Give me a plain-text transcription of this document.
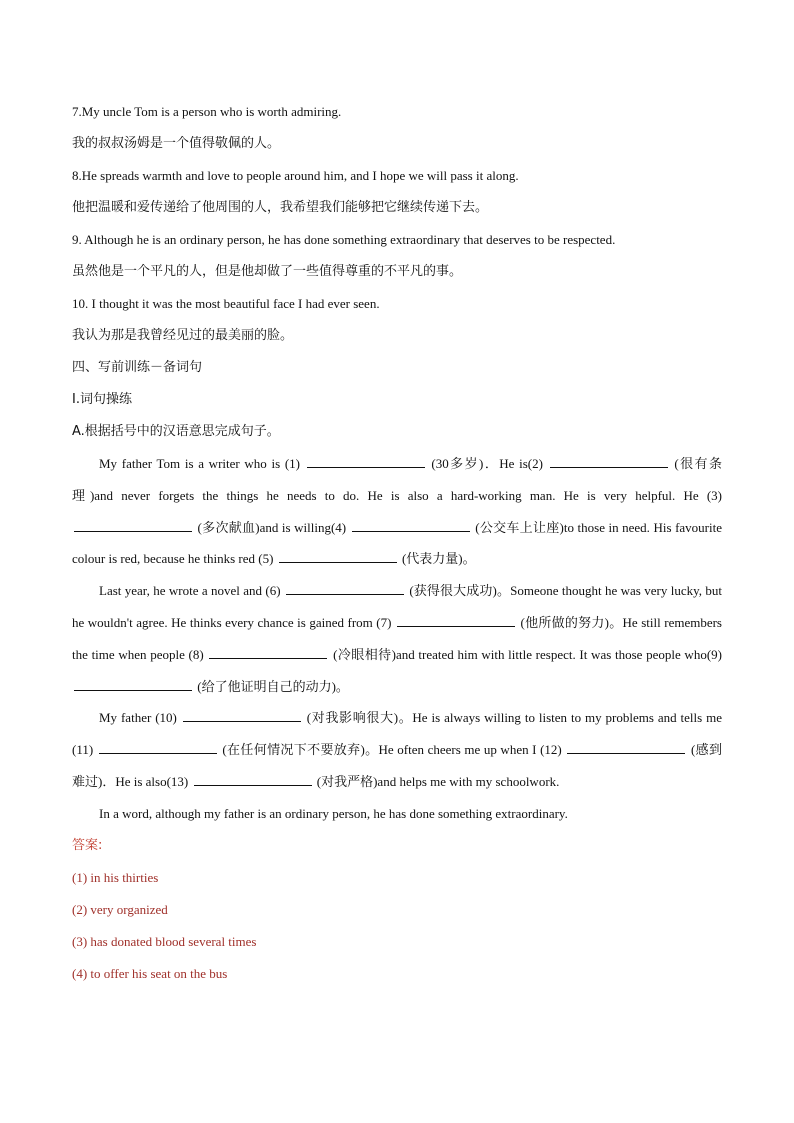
7.My uncle Tom is a person who is worth admiring.
我的叔叔汤姆是一个值得敬佩的人。
8.He spreads warmth and love to people around him, and I hope we will pass it along.
他把温暖和爱传递给了他周围的人，我希望我们能够把它继续传递下去。
9. Although he is an ordinary person, he has done something extraordinary that deserves to be respected.
虽然他是一个平凡的人，但是他却做了一些值得尊重的不平凡的事。
10. I thought it was the most beautiful face I had ever seen.
我认为那是我曾经见过的最美丽的脸。
四、写前训练－备词句
I.词句操练
A.根据括号中的汉语意思完成句子。
My father Tom is a writer who is (1)	(30多岁)．He is(2)	(很有条理)and never forgets the things he needs to do. He is also a hard-working man. He is very helpful. He (3)  (多次献血)and is willing(4)	(公交车上让座)to those in need. His favourite colour is red, because he thinks red (5)	(代表力量)。
Last year, he wrote a novel and (6)	(获得很大成功)。Someone thought he was very lucky, but he wouldn't agree. He thinks every chance is gained from (7)	(他所做的努力)。He still remembers the time when people (8)	(冷眼相待)and treated him with little respect. It was those people who(9)  (给了他证明自己的动力)。
My father (10)	(对我影响很大)。He is always willing to listen to my problems and tells me (11)	(在任何情况下不要放弃)。He often cheers me up when I (12)	(感到难过)．He is also(13)	(对我严格)and helps me with my schoolwork.
In a word, although my father is an ordinary person, he has done something extraordinary.
答案:
(1) in his thirties
(2) very organized
(3) has donated blood several times
(4) to offer his seat on the bus
